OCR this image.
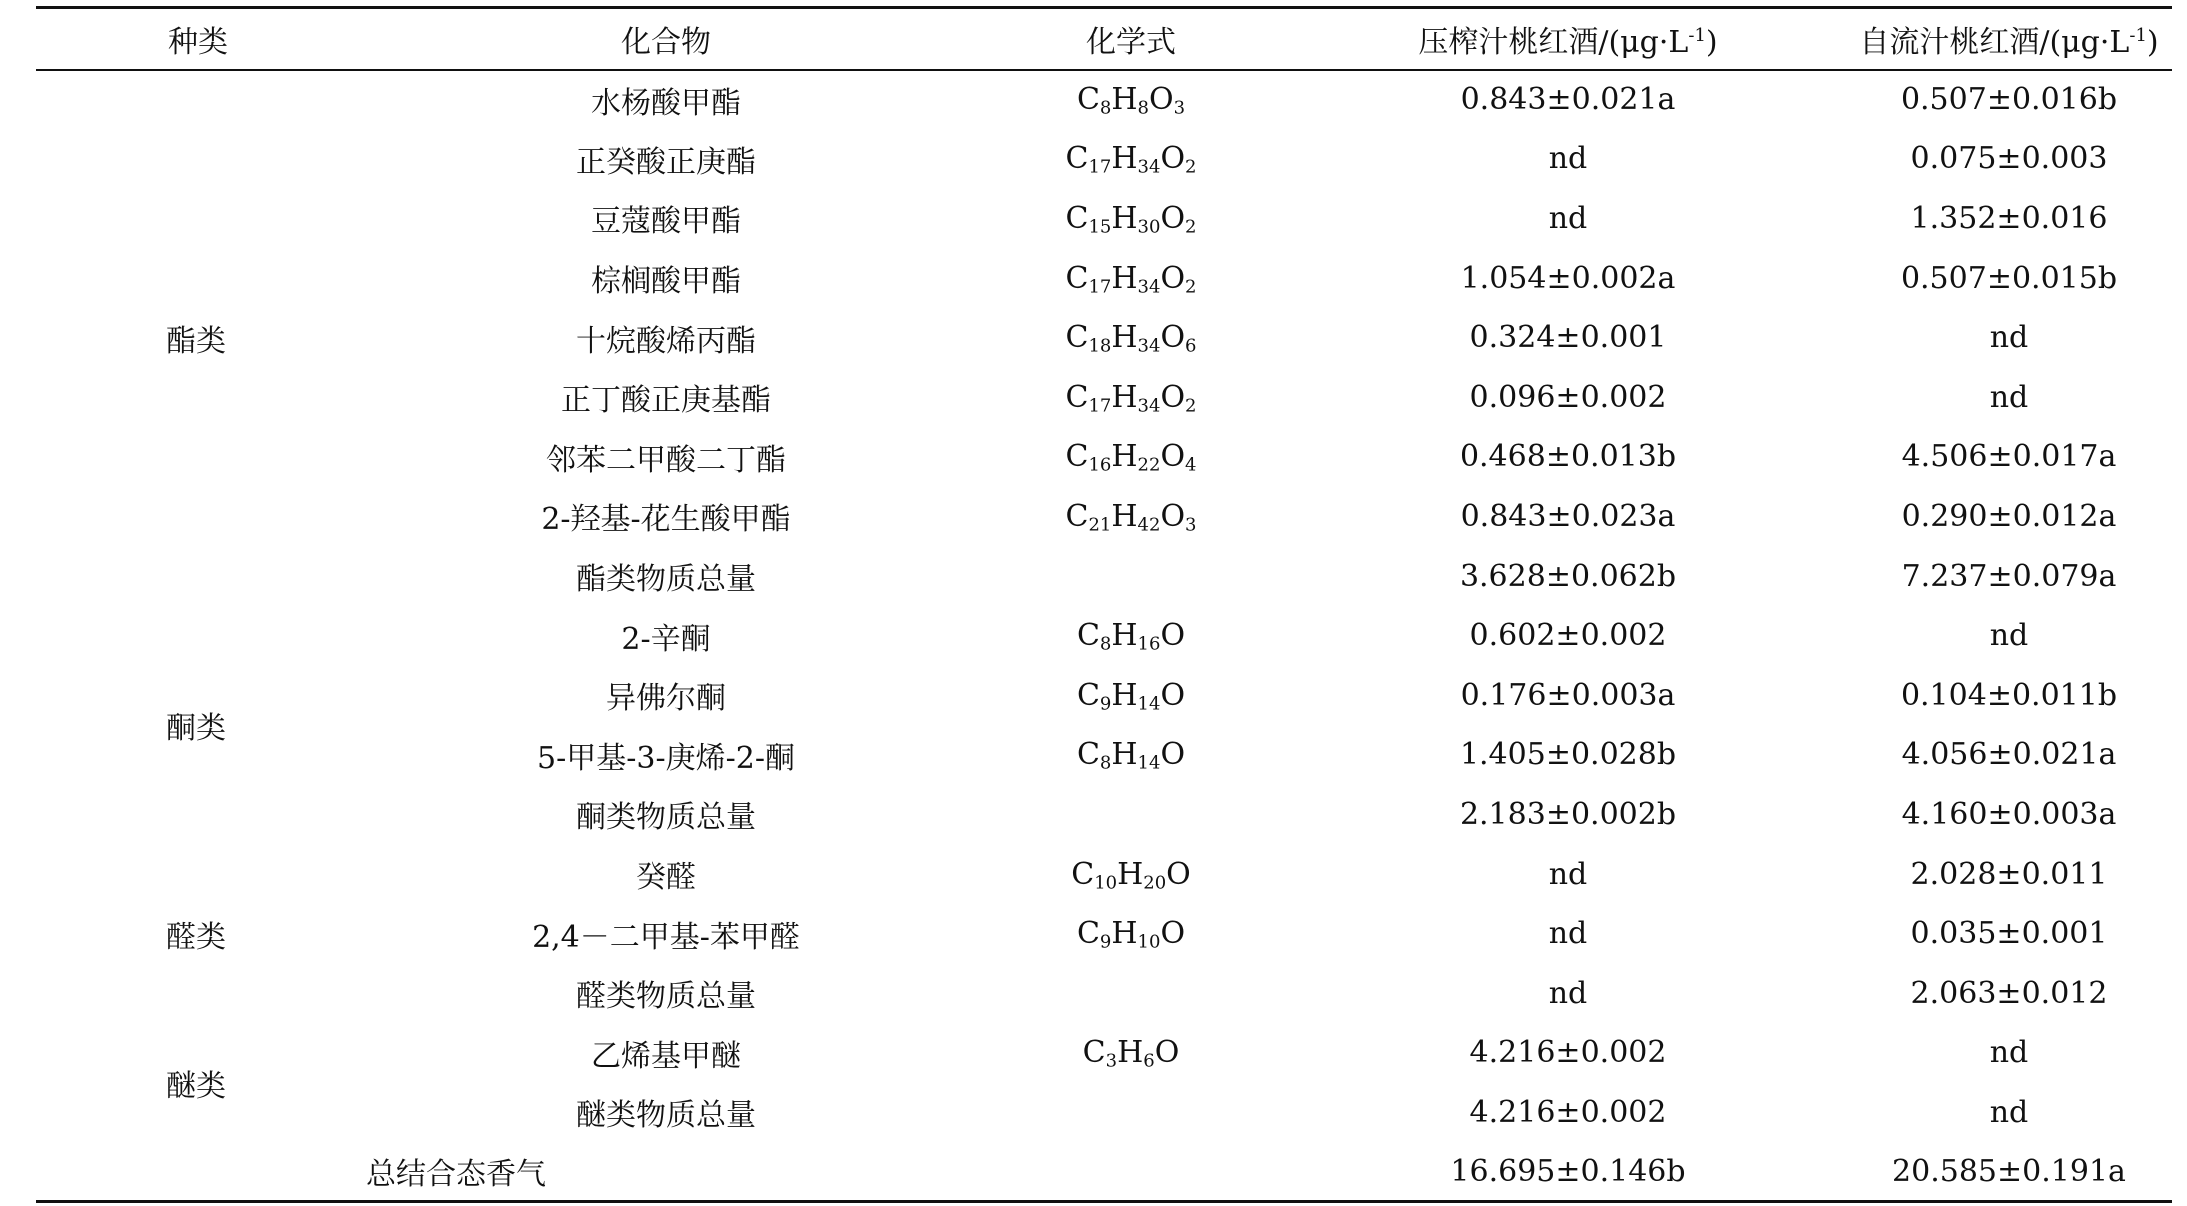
种类	化合物	化学式	压榨汁桃红酒$/(\mu g\cdot L^{-1})$	自流汁桃红酒$/(\mu g\cdot L^{-1})$
酯类	水杨酸甲酯	$C_8H_8O_3$	0.843±0.021a	0.507±0.016b
	正癸酸正庚酯	$C_{17}H_{34}O_2$	nd	0.075±0.003
	豆蔻酸甲酯	$C_{15}H_{30}O_2$	nd	1.352±0.016
	棕榈酸甲酯	$C_{17}H_{34}O_2$	1.054±0.002a	0.507±0.015b
	十烷酸烯丙酯	$C_{18}H_{34}O_6$	0.324±0.001	nd
	正丁酸正庚基酯	$C_{17}H_{34}O_2$	0.096±0.002	nd
	邻苯二甲酸二丁酯	$C_{16}H_{22}O_4$	0.468±0.013b	4.506±0.017a
	2-羟基-花生酸甲酯	$C_{21}H_{42}O_3$	0.843±0.023a	0.290±0.012a
	酯类物质总量		3.628±0.062b	7.237±0.079a
酮类	2-辛酮	$C_8H_{16}O$	0.602±0.002	nd
	异佛尔酮	$C_9H_{14}O$	0.176±0.003a	0.104±0.011b
	5-甲基-3-庚烯-2-酮	$C_8H_{14}O$	1.405±0.028b	4.056±0.021a
	酮类物质总量		2.183±0.002b	4.160±0.003a
醛类	癸醛	$C_{10}H_{20}O$	nd	2.028±0.011
	2,4－二甲基-苯甲醛	$C_9H_{10}O$	nd	0.035±0.001
	醛类物质总量		nd	2.063±0.012
醚类	乙烯基甲醚	$C_3H_6O$	4.216±0.002	nd
	醚类物质总量		4.216±0.002	nd
总结合态香气			16.695±0.146b	20.585±0.191a
